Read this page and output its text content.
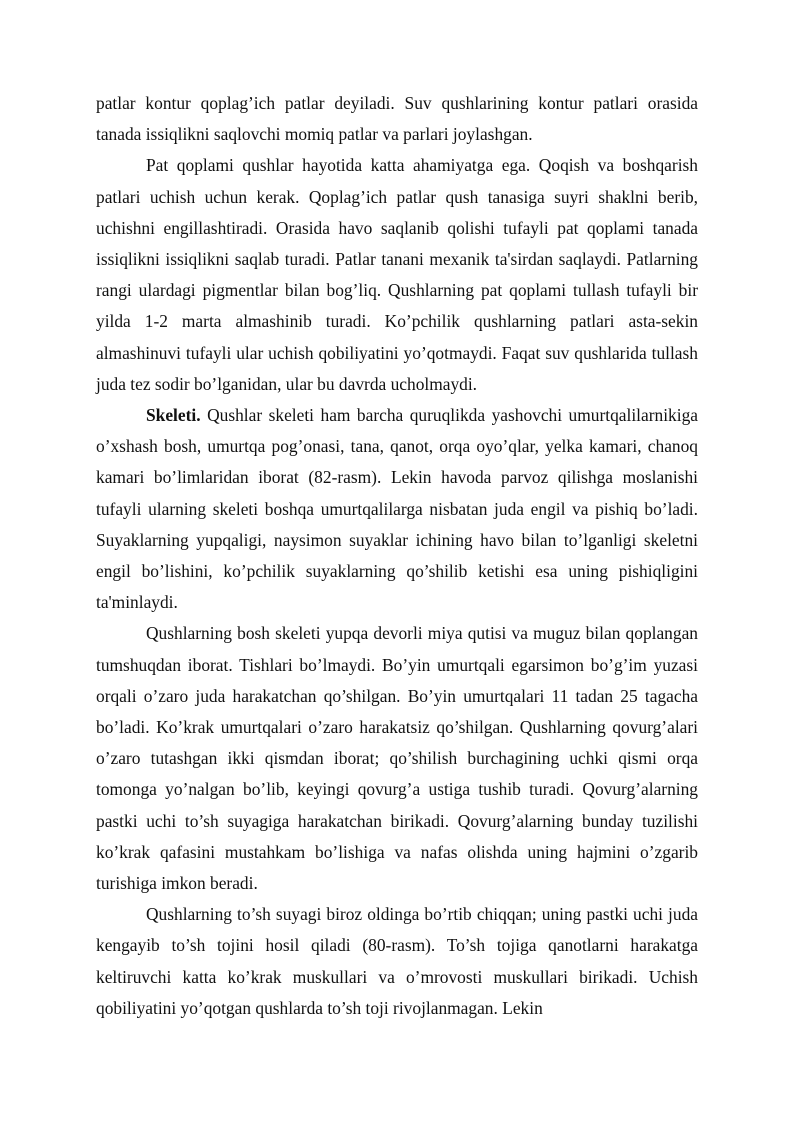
patlar kontur qoplag’ich patlar deyiladi. Suv qushlarining kontur patlari orasida tanada issiqlikni saqlovchi momiq patlar va parlari joylashgan.

Pat qoplami qushlar hayotida katta ahamiyatga ega. Qoqish va boshqarish patlari uchish uchun kerak. Qoplag’ich patlar qush tanasiga suyri shaklni berib, uchishni engillashtiradi. Orasida havo saqlanib qolishi tufayli pat qoplami tanada issiqlikni issiqlikni saqlab turadi. Patlar tanani mexanik ta'sirdan saqlaydi. Patlarning rangi ulardagi pigmentlar bilan bog’liq. Qushlarning pat qoplami tullash tufayli bir yilda 1-2 marta almashinib turadi. Ko’pchilik qushlarning patlari asta-sekin almashinuvi tufayli ular uchish qobiliyatini yo’qotmaydi. Faqat suv qushlarida tullash juda tez sodir bo’lganidan, ular bu davrda ucholmaydi.

Skeleti. Qushlar skeleti ham barcha quruqlikda yashovchi umurtqalilarnikiga o’xshash bosh, umurtqa pog’onasi, tana, qanot, orqa oyo’qlar, yelka kamari, chanoq kamari bo’limlaridan iborat (82-rasm). Lekin havoda parvoz qilishga moslanishi tufayli ularning skeleti boshqa umurtqalilarga nisbatan juda engil va pishiq bo’ladi. Suyaklarning yupqaligi, naysimon suyaklar ichining havo bilan to’lganligi skeletni engil bo’lishini, ko’pchilik suyaklarning qo’shilib ketishi esa uning pishiqligini ta'minlaydi.

Qushlarning bosh skeleti yupqa devorli miya qutisi va muguz bilan qoplangan tumshuqdan iborat. Tishlari bo’lmaydi. Bo’yin umurtqali egarsimon bo’g’im yuzasi orqali o’zaro juda harakatchan qo’shilgan. Bo’yin umurtqalari 11 tadan 25 tagacha bo’ladi. Ko’krak umurtqalari o’zaro harakatsiz qo’shilgan. Qushlarning qovurg’alari o’zaro tutashgan ikki qismdan iborat; qo’shilish burchagining uchki qismi orqa tomonga yo’nalgan bo’lib, keyingi qovurg’a ustiga tushib turadi. Qovurg’alarning pastki uchi to’sh suyagiga harakatchan birikadi. Qovurg’alarning bunday tuzilishi ko’krak qafasini mustahkam bo’lishiga va nafas olishda uning hajmini o’zgarib turishiga imkon beradi.

Qushlarning to’sh suyagi biroz oldinga bo’rtib chiqqan; uning pastki uchi juda kengayib to’sh tojini hosil qiladi (80-rasm). To’sh tojiga qanotlarni harakatga keltiruvchi katta ko’krak muskullari va o’mrovosti muskullari birikadi. Uchish qobiliyatini yo’qotgan qushlarda to’sh toji rivojlanmagan. Lekin
